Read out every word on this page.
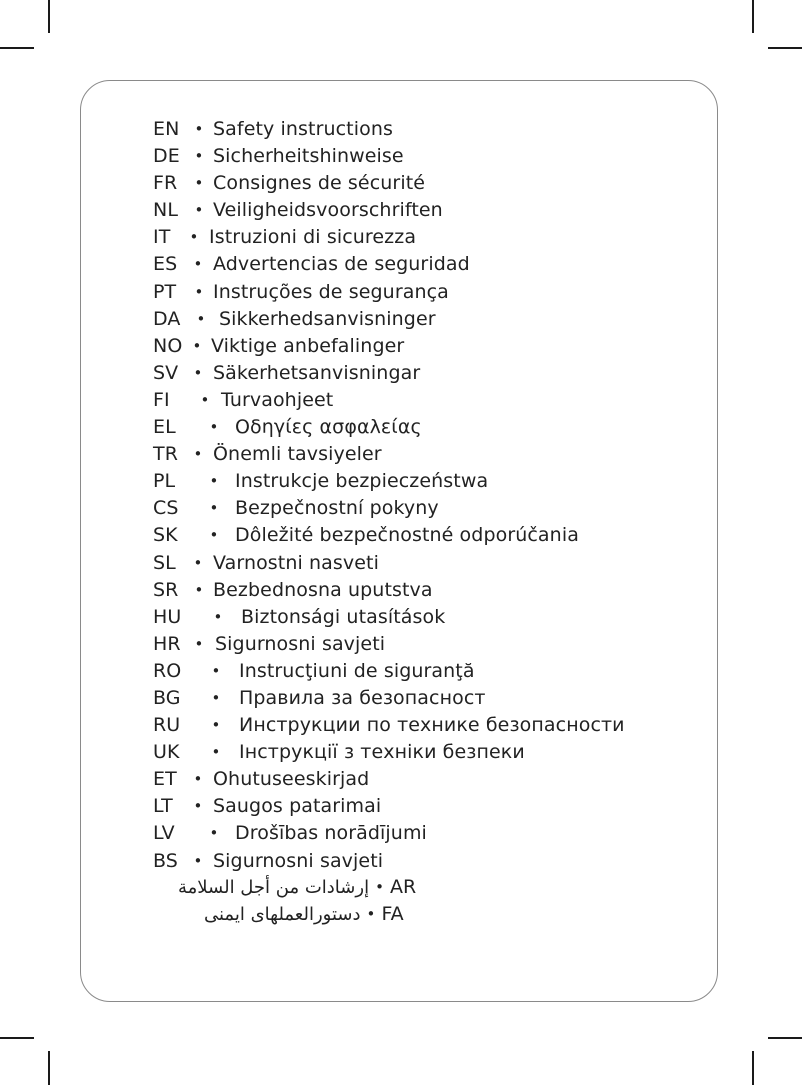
EN • Safety instructions
DE • Sicherheitshinweise
FR • Consignes de sécurité
NL • Veiligheidsvoorschriften
IT • Istruzioni di sicurezza
ES • Advertencias de seguridad
PT • Instruções de segurança
DA • Sikkerhedsanvisninger
NO • Viktige anbefalinger
SV • Säkerhetsanvisningar
FI • Turvaohjeet
EL • Οδηγίες ασφαλείας
TR • Önemli tavsiyeler
PL • Instrukcje bezpieczeństwa
CS • Bezpečnostní pokyny
SK • Dôležité bezpečnostné odporúčania
SL • Varnostni nasveti
SR • Bezbednosna uputstva
HU • Biztonsági utasítások
HR • Sigurnosni savjeti
RO • Instrucţiuni de siguranţă
BG • Правила за безопасност
RU • Инструкции по технике безопасности
UK • Інструкції з техніки безпеки
ET • Ohutuseeskirjad
LT • Saugos patarimai
LV • Drošības norādījumi
BS • Sigurnosni savjeti
إرشادات من أجل السلامة • AR
دستورالعملهای ایمنی • FA
